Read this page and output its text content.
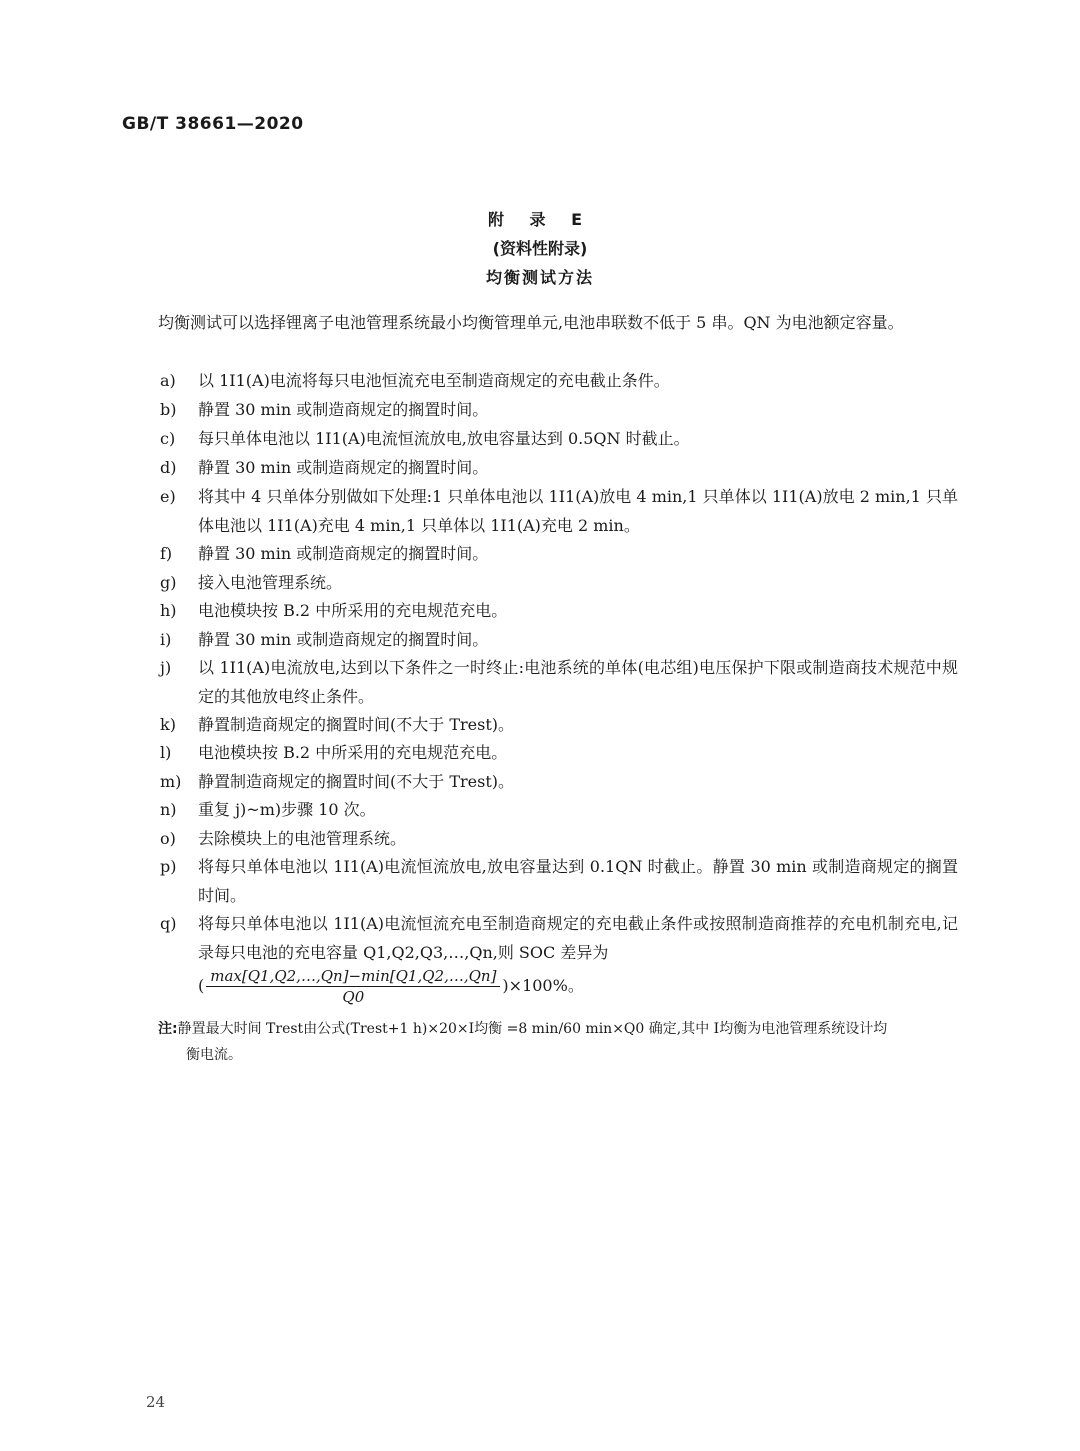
GB/T 38661—2020
附 录 E
(资料性附录)
均衡测试方法
均衡测试可以选择锂离子电池管理系统最小均衡管理单元,电池串联数不低于 5 串。QN 为电池额定容量。
a)	以 1I1(A)电流将每只电池恒流充电至制造商规定的充电截止条件。
b)	静置 30 min 或制造商规定的搁置时间。
c)	每只单体电池以 1I1(A)电流恒流放电,放电容量达到 0.5QN 时截止。
d)	静置 30 min 或制造商规定的搁置时间。
e)	将其中 4 只单体分别做如下处理:1 只单体电池以 1I1(A)放电 4 min,1 只单体以 1I1(A)放电 2 min,1 只单体电池以 1I1(A)充电 4 min,1 只单体以 1I1(A)充电 2 min。
f)	静置 30 min 或制造商规定的搁置时间。
g)	接入电池管理系统。
h)	电池模块按 B.2 中所采用的充电规范充电。
i)	静置 30 min 或制造商规定的搁置时间。
j)	以 1I1(A)电流放电,达到以下条件之一时终止:电池系统的单体(电芯组)电压保护下限或制造商技术规范中规定的其他放电终止条件。
k)	静置制造商规定的搁置时间(不大于 Trest)。
l)	电池模块按 B.2 中所采用的充电规范充电。
m)	静置制造商规定的搁置时间(不大于 Trest)。
n)	重复 j)~m)步骤 10 次。
o)	去除模块上的电池管理系统。
p)	将每只单体电池以 1I1(A)电流恒流放电,放电容量达到 0.1QN 时截止。静置 30 min 或制造商规定的搁置时间。
q)	将每只单体电池以 1I1(A)电流恒流充电至制造商规定的充电截止条件或按照制造商推荐的充电机制充电,记录每只电池的充电容量 Q1,Q2,Q3,…,Qn,则 SOC 差异为
( $\frac{\max[Q1,Q2,\dots,Qn]-\min[Q1,Q2,\dots,Qn]}{Q0} )\times 100\%$。
注:静置最大时间 Trest由公式(Trest+1 h)×20×I均衡 =8 min/60 min×Q0 确定,其中 I均衡为电池管理系统设计均
衡电流。
24
